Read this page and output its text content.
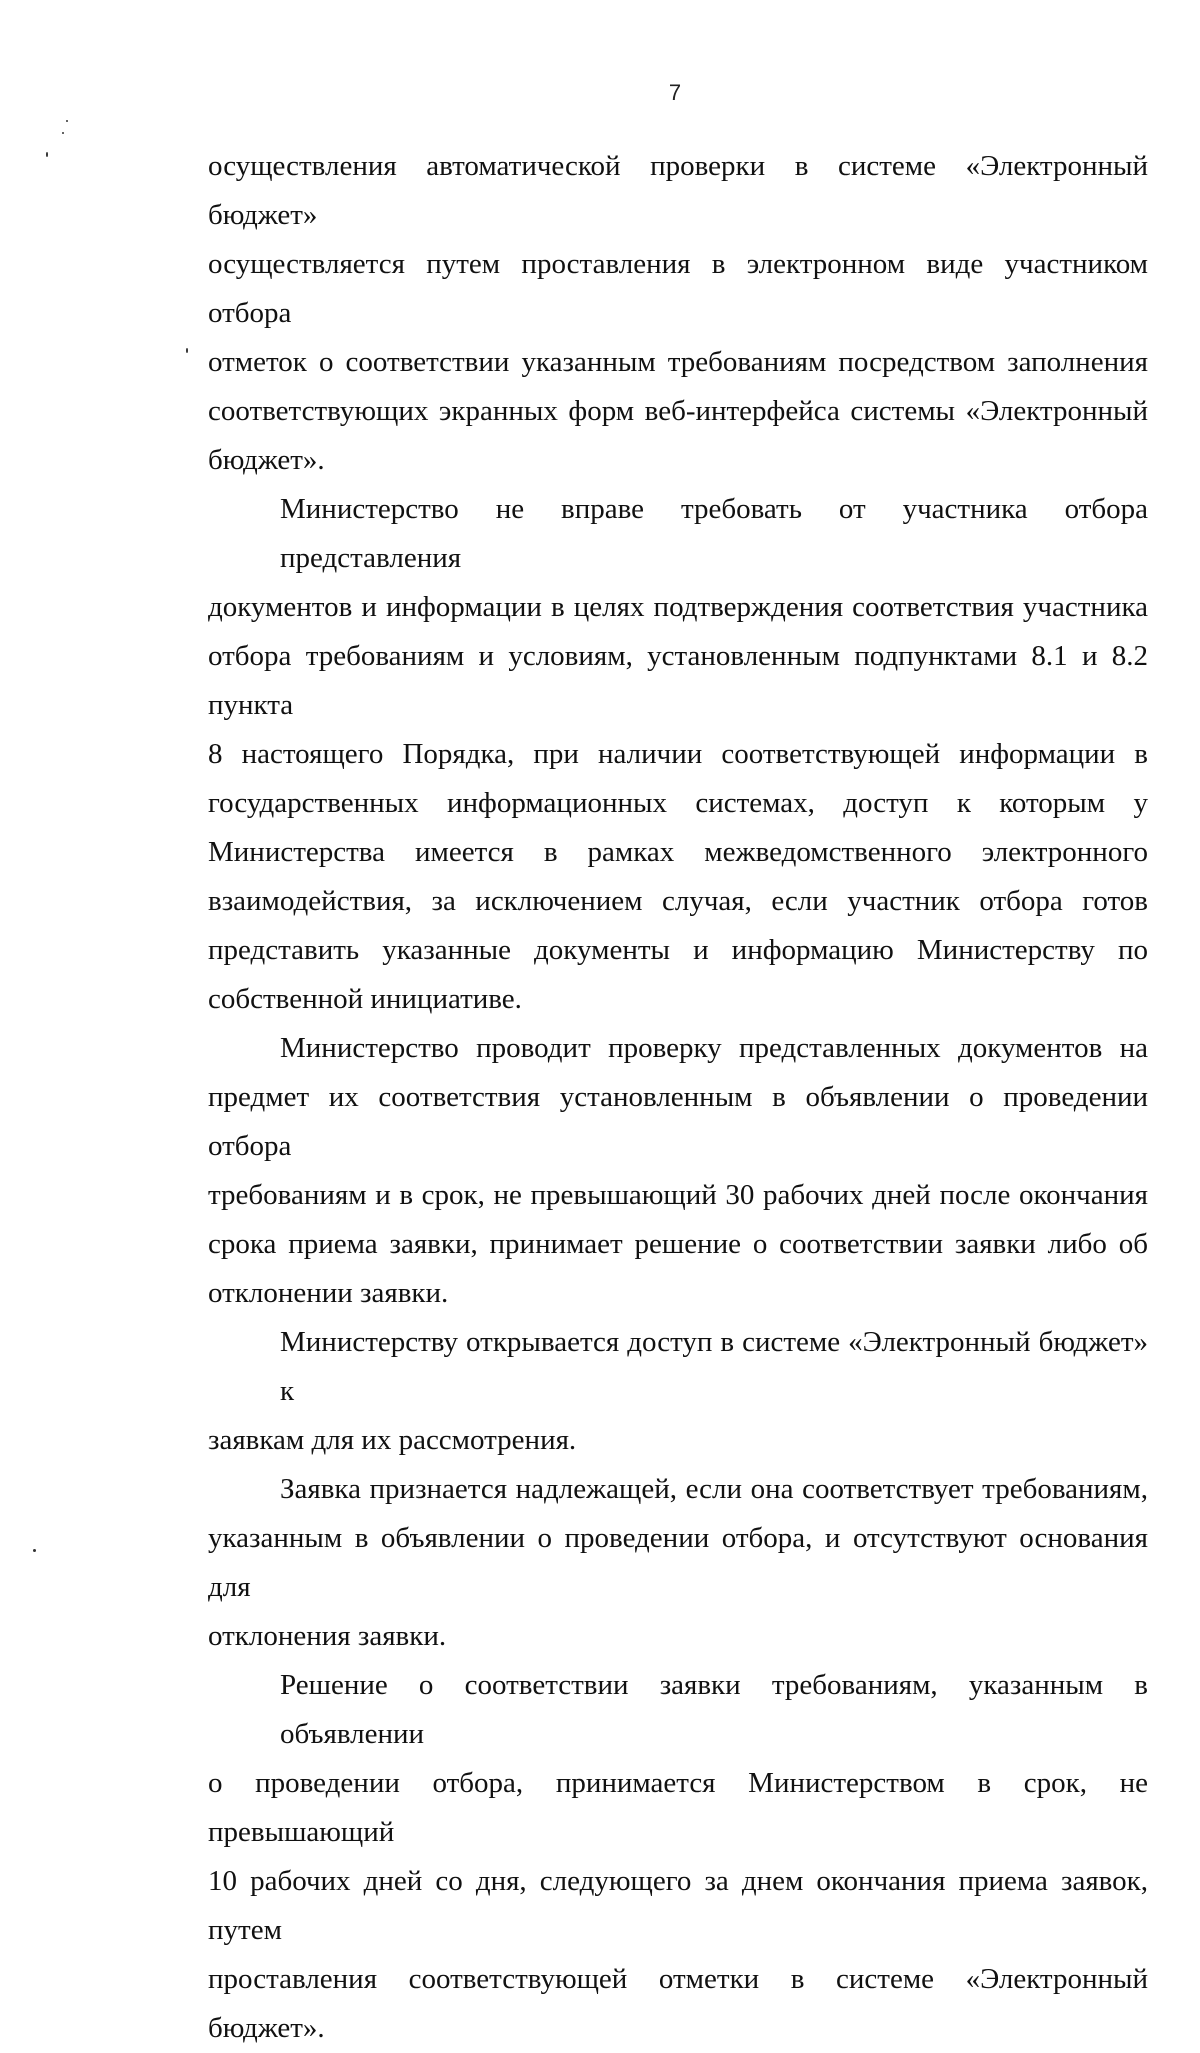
7

осуществления автоматической проверки в системе «Электронный бюджет»
осуществляется путем проставления в электронном виде участником отбора
отметок о соответствии указанным требованиям посредством заполнения
соответствующих экранных форм веб-интерфейса системы «Электронный
бюджет».

Министерство не вправе требовать от участника отбора представления
документов и информации в целях подтверждения соответствия участника
отбора требованиям и условиям, установленным подпунктами 8.1 и 8.2 пункта
8 настоящего Порядка, при наличии соответствующей информации в
государственных информационных системах, доступ к которым у
Министерства имеется в рамках межведомственного электронного
взаимодействия, за исключением случая, если участник отбора готов
представить указанные документы и информацию Министерству по
собственной инициативе.

Министерство проводит проверку представленных документов на
предмет их соответствия установленным в объявлении о проведении отбора
требованиям и в срок, не превышающий 30 рабочих дней после окончания
срока приема заявки, принимает решение о соответствии заявки либо об
отклонении заявки.

Министерству открывается доступ в системе «Электронный бюджет» к
заявкам для их рассмотрения.

Заявка признается надлежащей, если она соответствует требованиям,
указанным в объявлении о проведении отбора, и отсутствуют основания для
отклонения заявки.

Решение о соответствии заявки требованиям, указанным в объявлении
о проведении отбора, принимается Министерством в срок, не превышающий
10 рабочих дней со дня, следующего за днем окончания приема заявок, путем
проставления соответствующей отметки в системе «Электронный бюджет».
